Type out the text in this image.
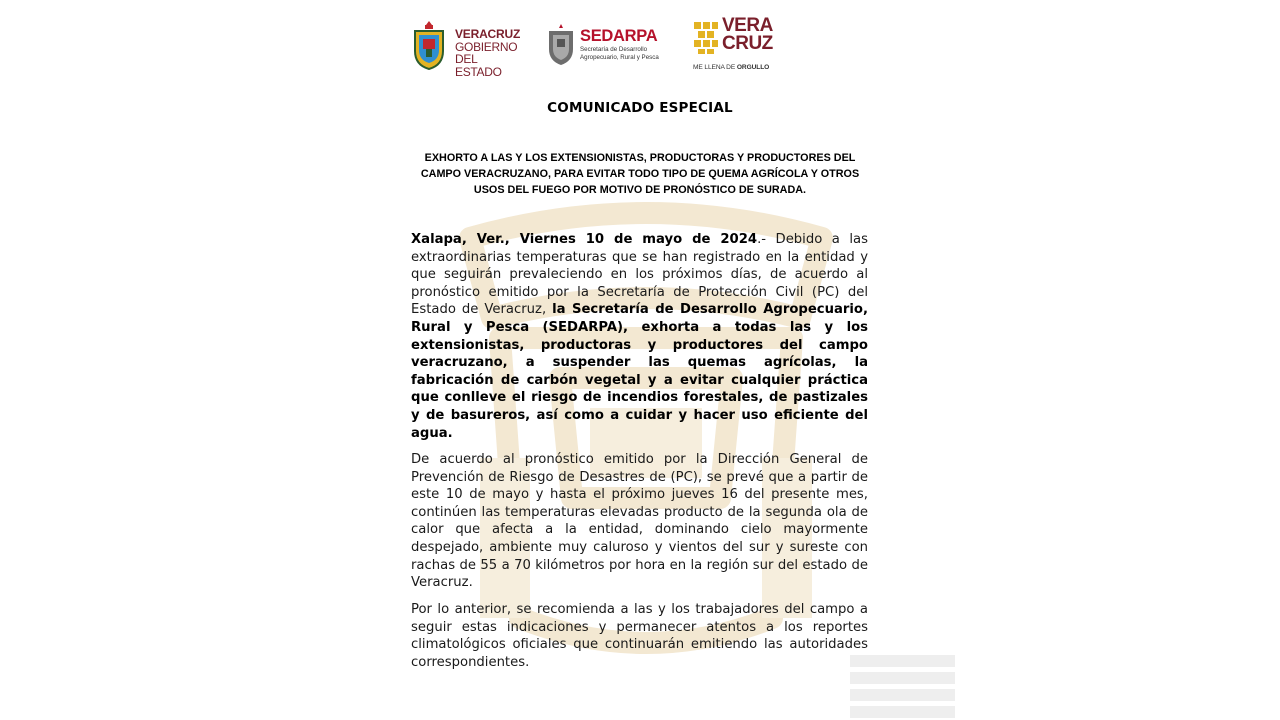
VERACRUZ
GOBIERNO
DEL ESTADO
SEDARPA
Secretaría de Desarrollo Agropecuario, Rural y Pesca
VERA
CRUZ
ME LLENA DE ORGULLO
COMUNICADO ESPECIAL
EXHORTO A LAS Y LOS EXTENSIONISTAS, PRODUCTORAS Y PRODUCTORES DEL CAMPO VERACRUZANO, PARA EVITAR TODO TIPO DE QUEMA AGRÍCOLA Y OTROS USOS DEL FUEGO POR MOTIVO DE PRONÓSTICO DE SURADA.

Xalapa, Ver., Viernes 10 de mayo de 2024.- Debido a las extraordinarias temperaturas que se han registrado en la entidad y que seguirán prevaleciendo en los próximos días, de acuerdo al pronóstico emitido por la Secretaría de Protección Civil (PC) del Estado de Veracruz, la Secretaría de Desarrollo Agropecuario, Rural y Pesca (SEDARPA), exhorta a todas las y los extensionistas, productoras y productores del campo veracruzano, a suspender las quemas agrícolas, la fabricación de carbón vegetal y a evitar cualquier práctica que conlleve el riesgo de incendios forestales, de pastizales y de basureros, así como a cuidar y hacer uso eficiente del agua.

De acuerdo al pronóstico emitido por la Dirección General de Prevención de Riesgo de Desastres de (PC), se prevé que a partir de este 10 de mayo y hasta el próximo jueves 16 del presente mes, continúen las temperaturas elevadas producto de la segunda ola de calor que afecta a la entidad, dominando cielo mayormente despejado, ambiente muy caluroso y vientos del sur y sureste con rachas de 55 a 70 kilómetros por hora en la región sur del estado de Veracruz.

Por lo anterior, se recomienda a las y los trabajadores del campo a seguir estas indicaciones y permanecer atentos a los reportes climatológicos oficiales que continuarán emitiendo las autoridades correspondientes.
